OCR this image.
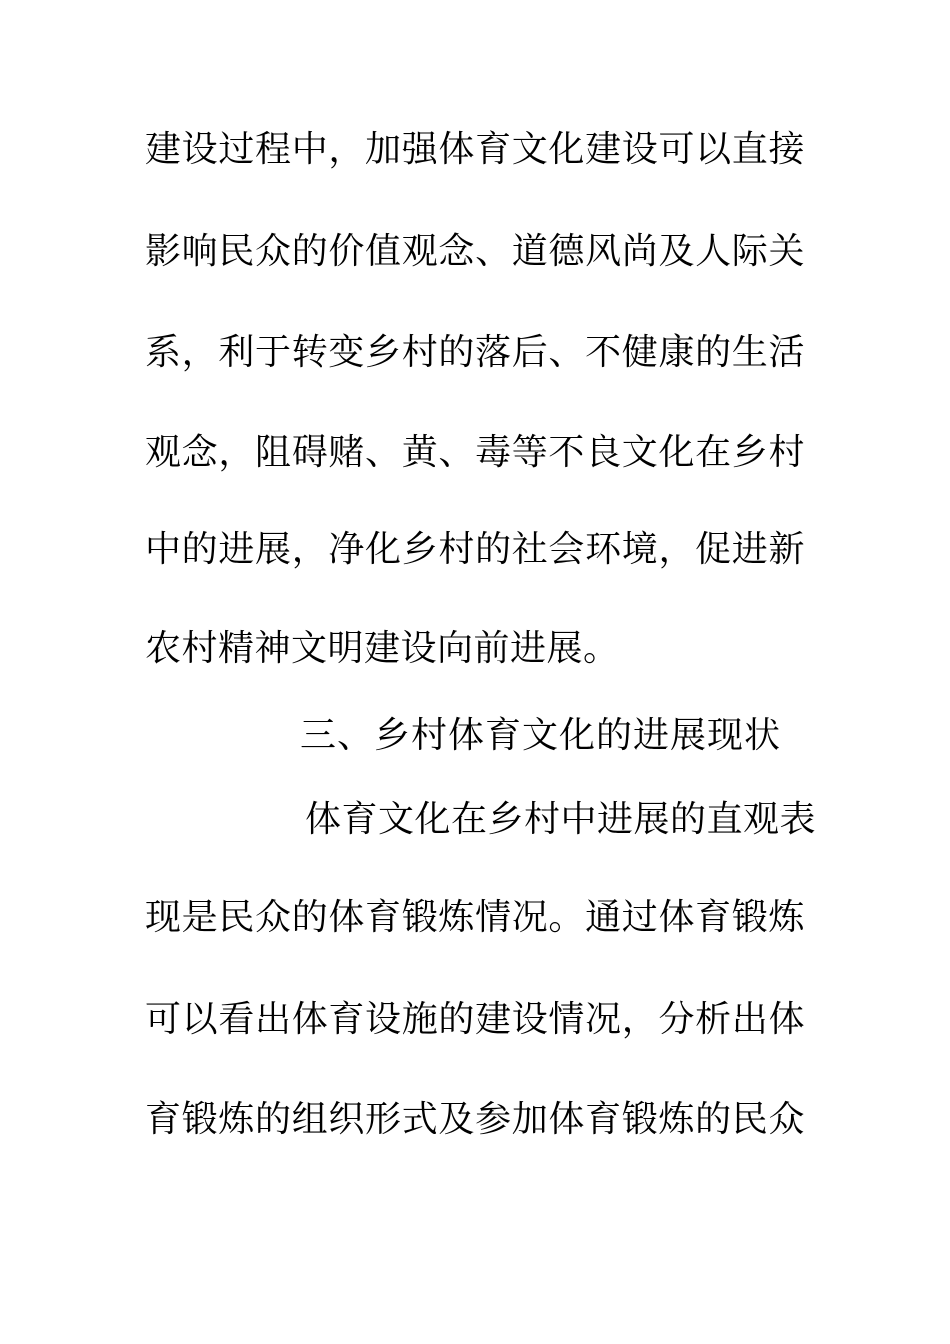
建设过程中，加强体育文化建设可以直接
影响民众的价值观念、道德风尚及人际关
系，利于转变乡村的落后、不健康的生活
观念，阻碍赌、黄、毒等不良文化在乡村
中的进展，净化乡村的社会环境，促进新
农村精神文明建设向前进展。
三、乡村体育文化的进展现状
体育文化在乡村中进展的直观表
现是民众的体育锻炼情况。通过体育锻炼
可以看出体育设施的建设情况，分析出体
育锻炼的组织形式及参加体育锻炼的民众
